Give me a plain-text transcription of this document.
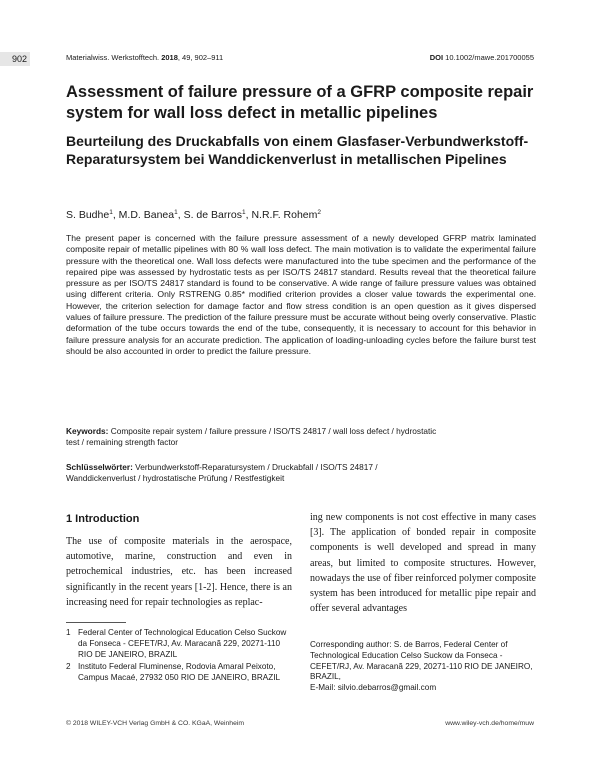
902	Materialwiss. Werkstofftech. 2018, 49, 902–911	DOI 10.1002/mawe.201700055
Assessment of failure pressure of a GFRP composite repair system for wall loss defect in metallic pipelines
Beurteilung des Druckabfalls von einem Glasfaser-Verbundwerkstoff-Reparatursystem bei Wanddickenverlust in metallischen Pipelines
S. Budhe$^1$, M.D. Banea$^1$, S. de Barros$^1$, N.R.F. Rohem$^2$

The present paper is concerned with the failure pressure assessment of a newly developed GFRP matrix laminated composite repair of metallic pipelines with 80 % wall loss defect. The main motivation is to validate the experimental failure pressure with the theoretical one. Wall loss defects were manufactured into the tube specimen and the performance of the repaired pipe was assessed by hydrostatic tests as per ISO/TS 24817 standard. Results reveal that the theoretical failure pressure as per ISO/TS 24817 standard is found to be conservative. A wide range of failure pressure values was obtained using different criteria. Only RSTRENG 0.85* modified criterion provides a closer value towards the experimental one. However, the criterion selection for damage factor and flow stress condition is an open question as it gives dispersed values of failure pressure. The prediction of the failure pressure must be accurate without being overly conservative. Plastic deformation of the tube occurs towards the end of the tube, consequently, it is necessary to account for this behavior in failure pressure analysis for an accurate prediction. The application of loading-unloading cycles before the failure burst test should be also accounted in order to predict the failure pressure.

Keywords: Composite repair system / failure pressure / ISO/TS 24817 / wall loss defect / hydrostatic test / remaining strength factor

Schlüsselwörter: Verbundwerkstoff-Reparatursystem / Druckabfall / ISO/TS 24817 / Wanddickenverlust / hydrostatische Prüfung / Restfestigkeit

1 Introduction

The use of composite materials in the aerospace, automotive, marine, construction and even in petrochemical industries, etc. has been increased significantly in the recent years [1-2]. Hence, there is an increasing need for repair technologies as replac-

ing new components is not cost effective in many cases [3]. The application of bonded repair in composite components is well developed and spread in many areas, but limited to composite structures. However, nowadays the use of fiber reinforced polymer composite system has been introduced for metallic pipe repair and offer several advantages

1 Federal Center of Technological Education Celso Suckow da Fonseca - CEFET/RJ, Av. Maracanã 229, 20271-110 RIO DE JANEIRO, BRAZIL

2 Instituto Federal Fluminense, Rodovia Amaral Peixoto, Campus Macaé, 27932 050 RIO DE JANEIRO, BRAZIL

Corresponding author: S. de Barros, Federal Center of Technological Education Celso Suckow da Fonseca - CEFET/RJ, Av. Maracanã 229, 20271-110 RIO DE JANEIRO, BRAZIL,
E-Mail: silvio.debarros@gmail.com

© 2018 WILEY-VCH Verlag GmbH & CO. KGaA, Weinheim	www.wiley-vch.de/home/muw
